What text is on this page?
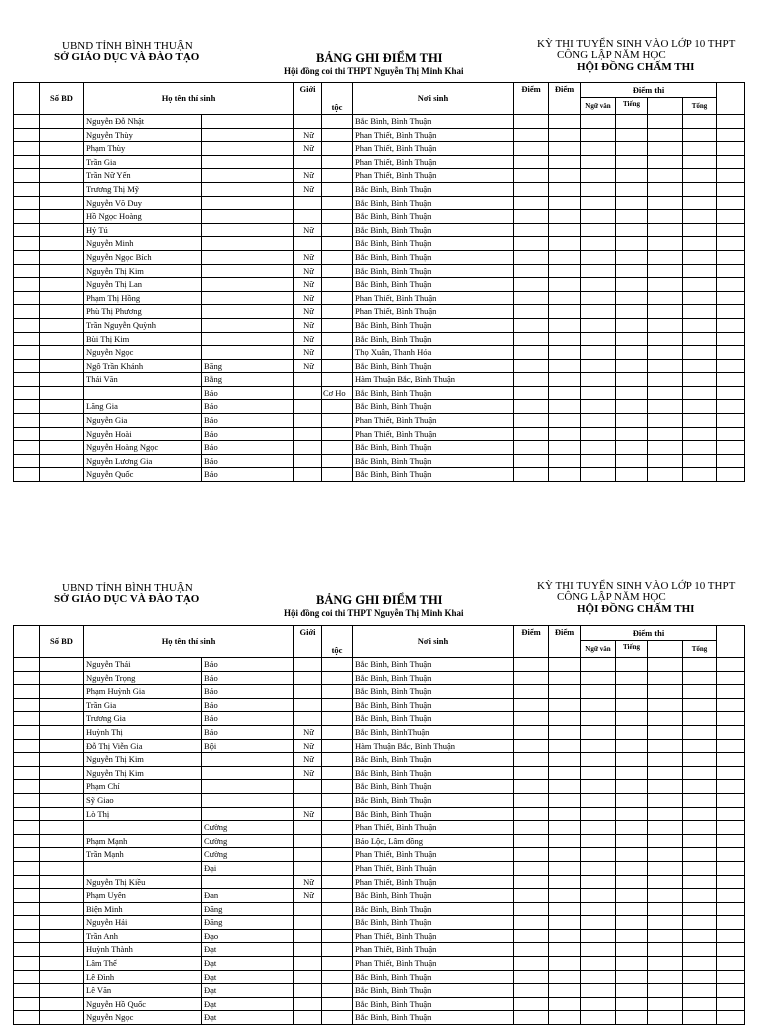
UBND TỈNH BÌNH THUẬN
SỞ GIÁO DỤC VÀ ĐÀO TẠO	BẢNG GHI ĐIỂM THI
Hội đồng coi thi THPT Nguyễn Thị Minh Khai
KỲ THI TUYỂN SINH VÀO LỚP 10 THPT
CÔNG LẬP NĂM HỌC
HỘI ĐỒNG CHẤM THI
	Số BD	Họ tên thí sinh		Giới	tộc	Nơi sinh	Điểm	Điểm	Điểm thi				
									Ngữ văn	Tiếng		Tổng	
		Nguyễn Đỗ Nhật				Bắc Bình, Bình Thuận							
		Nguyễn Thùy		Nữ		Phan Thiết, Bình Thuận							
		Phạm Thùy		Nữ		Phan Thiết, Bình Thuận							
		Trần Gia				Phan Thiết, Bình Thuận							
		Trần Nữ Yến		Nữ		Phan Thiết, Bình Thuận							
		Trương Thị Mỹ		Nữ		Bắc Bình, Bình Thuận							
		Nguyễn Võ Duy				Bắc Bình, Bình Thuận							
		Hồ Ngọc Hoàng				Bắc Bình, Bình Thuận							
		Hỷ Tú		Nữ		Bắc Bình, Bình Thuận							
		Nguyễn Minh				Bắc Bình, Bình Thuận							
		Nguyễn Ngọc Bích		Nữ		Bắc Bình, Bình Thuận							
		Nguyễn Thị Kim		Nữ		Bắc Bình, Bình Thuận							
		Nguyễn Thị Lan		Nữ		Bắc Bình, Bình Thuận							
		Phạm Thị Hồng		Nữ		Phan Thiết, Bình Thuận							
		Phù Thị Phương		Nữ		Phan Thiết, Bình Thuận							
		Trần Nguyễn Quỳnh		Nữ		Bắc Bình, Bình Thuận							
		Bùi Thị Kim		Nữ		Bắc Bình, Bình Thuận							
		Nguyễn Ngọc		Nữ		Thọ Xuân, Thanh Hóa							
		Ngô Trần Khánh	Băng	Nữ		Bắc Bình, Bình Thuận							
		Thái Văn	Bằng			Hàm Thuận Bắc, Bình Thuận							
			Bảo		Cơ Ho	Bắc Bình, Bình Thuận							
		Lăng Gia	Bảo			Bắc Bình, Bình Thuận							
		Nguyễn Gia	Bảo			Phan Thiết, Bình Thuận							
		Nguyễn Hoài	Bảo			Phan Thiết, Bình Thuận							
		Nguyễn Hoàng Ngọc	Bảo			Bắc Bình, Bình Thuận							
		Nguyễn Lương Gia	Bảo			Bắc Bình, Bình Thuận							
		Nguyễn Quốc	Bảo			Bắc Bình, Bình Thuận							
UBND TỈNH BÌNH THUẬN
SỞ GIÁO DỤC VÀ ĐÀO TẠO	BẢNG GHI ĐIỂM THI
Hội đồng coi thi THPT Nguyễn Thị Minh Khai
KỲ THI TUYỂN SINH VÀO LỚP 10 THPT
CÔNG LẬP NĂM HỌC
HỘI ĐỒNG CHẤM THI
	Số BD	Họ tên thí sinh		Giới	tộc	Nơi sinh	Điểm	Điểm	Điểm thi				
									Ngữ văn	Tiếng		Tổng	
		Nguyễn Thái	Bảo			Bắc Bình, Bình Thuận							
		Nguyễn Trọng	Bảo			Bắc Bình, Bình Thuận							
		Phạm Huỳnh Gia	Bảo			Bắc Bình, Bình Thuận							
		Trần Gia	Bảo			Bắc Bình, Bình Thuận							
		Trương Gia	Bảo			Bắc Bình, Bình Thuận							
		Huỳnh Thị	Bảo	Nữ		Bắc Bình, BìnhThuận							
		Đỗ Thị Viễn Gia	Bội	Nữ		Hàm Thuận Bắc, Bình Thuận							
		Nguyễn Thị Kim		Nữ		Bắc Bình, Bình Thuận							
		Nguyễn Thị Kim		Nữ		Bắc Bình, Bình Thuận							
		Phạm Chí				Bắc Bình, Bình Thuận							
		Sỹ Giao				Bắc Bình, Bình Thuận							
		Lò Thị		Nữ		Bắc Bình, Bình Thuận							
			Cường			Phan Thiết, Bình Thuận							
		Phạm Mạnh	Cường			Bảo Lộc, Lâm đồng							
		Trần Mạnh	Cường			Phan Thiết, Bình Thuận							
			Đại			Phan Thiết, Bình Thuận							
		Nguyễn Thị Kiều		Nữ		Phan Thiết, Bình Thuận							
		Phạm Uyên	Đan	Nữ		Bắc Bình, Bình Thuận							
		Biện Minh	Đăng			Bắc Bình, Bình Thuận							
		Nguyễn Hải	Đăng			Bắc Bình, Bình Thuận							
		Trần Anh	Đạo			Phan Thiết, Bình Thuận							
		Huỳnh Thành	Đạt			Phan Thiết, Bình Thuận							
		Lâm Thế	Đạt			Phan Thiết, Bình Thuận							
		Lê Đình	Đạt			Bắc Bình, Bình Thuận							
		Lê Văn	Đạt			Bắc Bình, Bình Thuận							
		Nguyễn Hồ Quốc	Đạt			Bắc Bình, Bình Thuận							
		Nguyễn Ngọc	Đạt			Bắc Bình, Bình Thuận							
